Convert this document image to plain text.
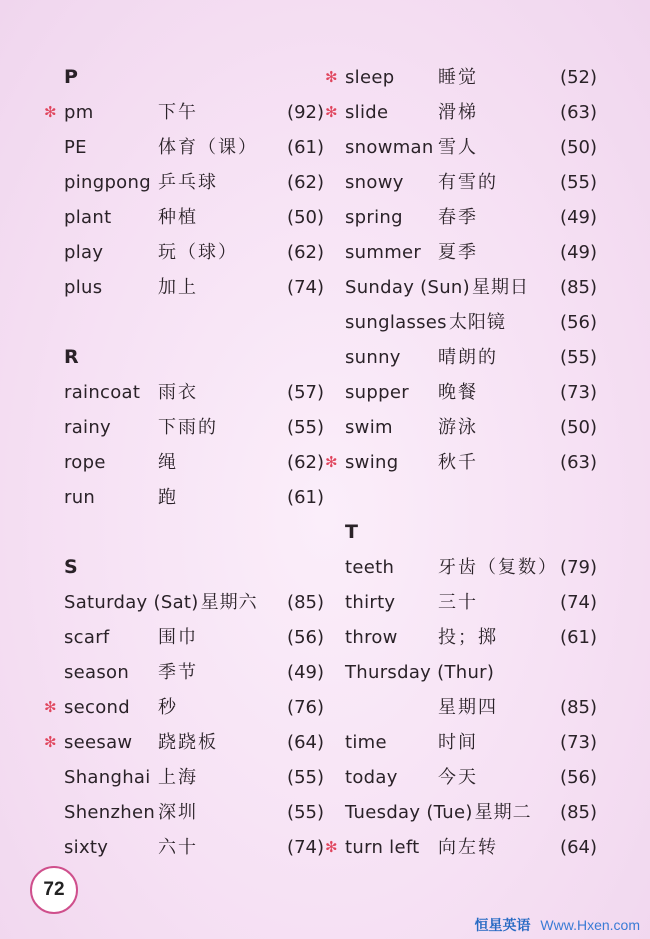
P
✻ pm	下午	(92)
PE	体育（课） (61)
pingpong 乒乓球	(62)
plant	种植	(50)
play	玩（球）	(62)
plus	加上	(74)
R
raincoat 雨衣	(57)
rainy	下雨的	(55)
rope	绳	(62)
run	跑	(61)
S
Saturday (Sat) 星期六 (85)
scarf	围巾	(56)
season 季节	(49)
✻ second 秒	(76)
✻ seesaw 跷跷板	(64)
Shanghai 上海	(55)
Shenzhen 深圳	(55)
sixty	六十	(74)
✻ sleep 睡觉	(52)
✻ slide	滑梯	(63)
snowman 雪人	(50)
snowy 有雪的	(55)
spring 春季	(49)
summer 夏季	(49)
Sunday (Sun) 星期日 (85)
sunglasses 太阳镜	(56)
sunny 晴朗的	(55)
supper 晚餐	(73)
swim	游泳	(50)
✻ swing 秋千	(63)
T
teeth 牙齿（复数） (79)
thirty 三十	(74)
throw 投；掷	(61)
Thursday (Thur)
星期四	(85)
time	时间	(73)
today 今天	(56)
Tuesday (Tue) 星期二 (85)
✻ turn left 向左转	(64)
72
恒星英语 Www.Hxen.com
